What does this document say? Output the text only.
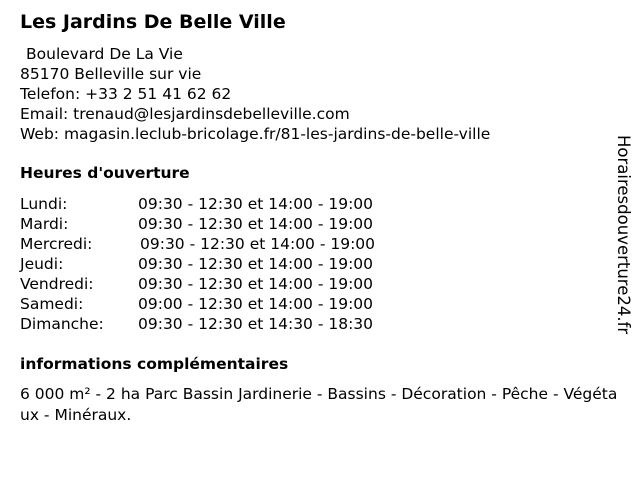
Les Jardins De Belle Ville
Boulevard De La Vie
85170 Belleville sur vie
Telefon: +33 2 51 41 62 62
Email: trenaud@lesjardinsdebelleville.com
Web: magasin.leclub-bricolage.fr/81-les-jardins-de-belle-ville
Heures d'ouverture
Lundi:	09:30 - 12:30 et 14:00 - 19:00
Mardi:	09:30 - 12:30 et 14:00 - 19:00
Mercredi:	09:30 - 12:30 et 14:00 - 19:00
Jeudi:	09:30 - 12:30 et 14:00 - 19:00
Vendredi:	09:30 - 12:30 et 14:00 - 19:00
Samedi:	09:00 - 12:30 et 14:00 - 19:00
Dimanche: 09:30 - 12:30 et 14:30 - 18:30
informations complémentaires
6 000 m² - 2 ha Parc Bassin Jardinerie - Bassins - Décoration - Pêche - Végétaux - Minéraux.
Horairesdouverture24.fr
